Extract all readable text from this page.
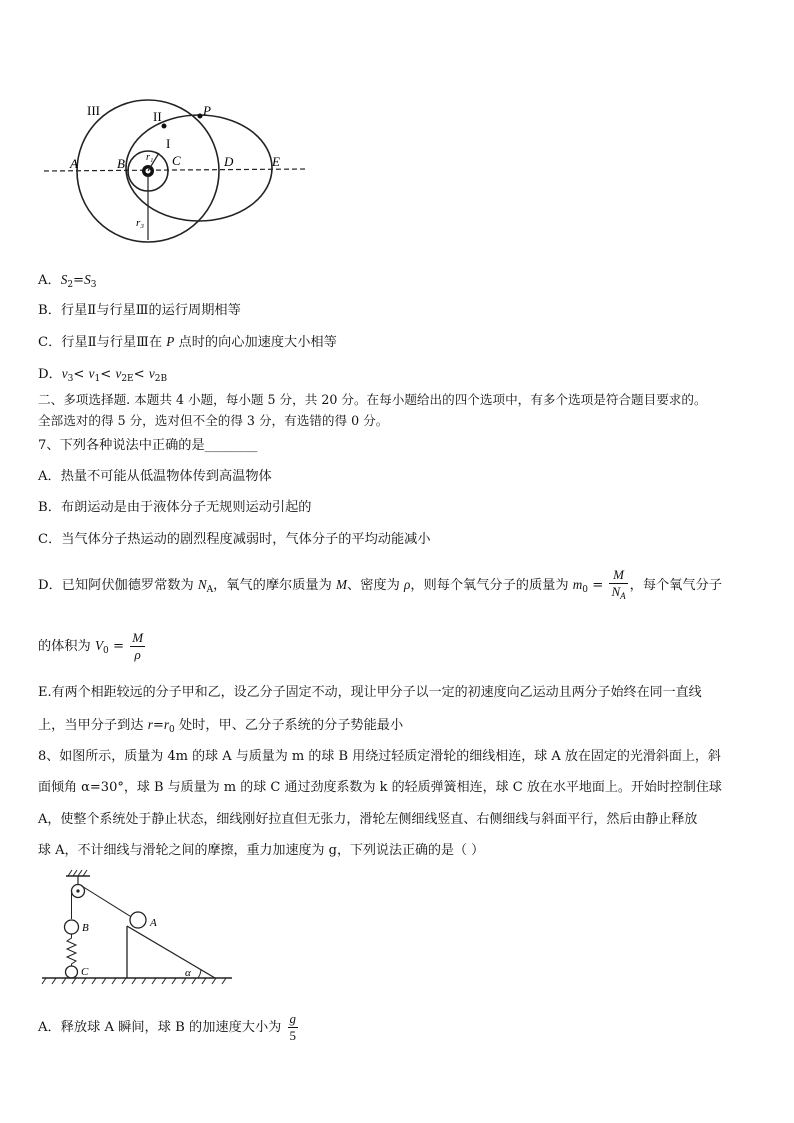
III	II
I
P
A	B	C	D	E
r₁
r₃
A．$S_2=S_3$
B．行星Ⅱ与行星Ⅲ的运行周期相等
C．行星Ⅱ与行星Ⅲ在 P 点时的向心加速度大小相等
D．$v_3< v_1< v_{2E}< v_{2B}$
二、多项选择题. 本题共 4 小题，每小题 5 分，共 20 分。在每小题给出的四个选项中，有多个选项是符合题目要求的。
全部选对的得 5 分，选对但不全的得 3 分，有选错的得 0 分。
7、下列各种说法中正确的是________
A．热量不可能从低温物体传到高温物体
B．布朗运动是由于液体分子无规则运动引起的
C．当气体分子热运动的剧烈程度减弱时，气体分子的平均动能减小
D．已知阿伏伽德罗常数为 $N_A$，氧气的摩尔质量为 M、密度为 ρ，则每个氧气分子的质量为 $m_0 = \frac{M}{N_A}$ ，每个氧气分子
的体积为 $V_0 = \frac{M}{\rho}$
E.有两个相距较远的分子甲和乙，设乙分子固定不动，现让甲分子以一定的初速度向乙运动且两分子始终在同一直线
上，当甲分子到达 $r=r_0$ 处时，甲、乙分子系统的分子势能最小
8、如图所示，质量为 4m 的球 A 与质量为 m 的球 B 用绕过轻质定滑轮的细线相连，球 A 放在固定的光滑斜面上，斜
面倾角 α=30°，球 B 与质量为 m 的球 C 通过劲度系数为 k 的轻质弹簧相连，球 C 放在水平地面上。开始时控制住球
A，使整个系统处于静止状态，细线刚好拉直但无张力，滑轮左侧细线竖直、右侧细线与斜面平行，然后由静止释放
球 A，不计细线与滑轮之间的摩擦，重力加速度为 g，下列说法正确的是（ ）
A
B
C	α
A．释放球 A 瞬间，球 B 的加速度大小为 $\frac{g}{5}$
